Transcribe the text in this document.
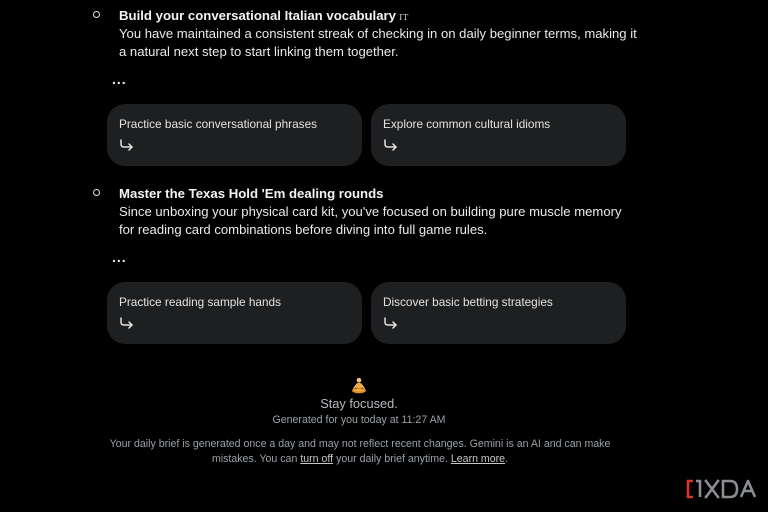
Build your conversational Italian vocabulary IT
You have maintained a consistent streak of checking in on daily beginner terms, making it a natural next step to start linking them together.
...
Practice basic conversational phrases	Explore common cultural idioms
Master the Texas Hold 'Em dealing rounds
Since unboxing your physical card kit, you've focused on building pure muscle memory for reading card combinations before diving into full game rules.
...
Practice reading sample hands	Discover basic betting strategies
Stay focused.
Generated for you today at 11:27 AM
Your daily brief is generated once a day and may not reflect recent changes. Gemini is an AI and can make mistakes. You can turn off your daily brief anytime. Learn more.
